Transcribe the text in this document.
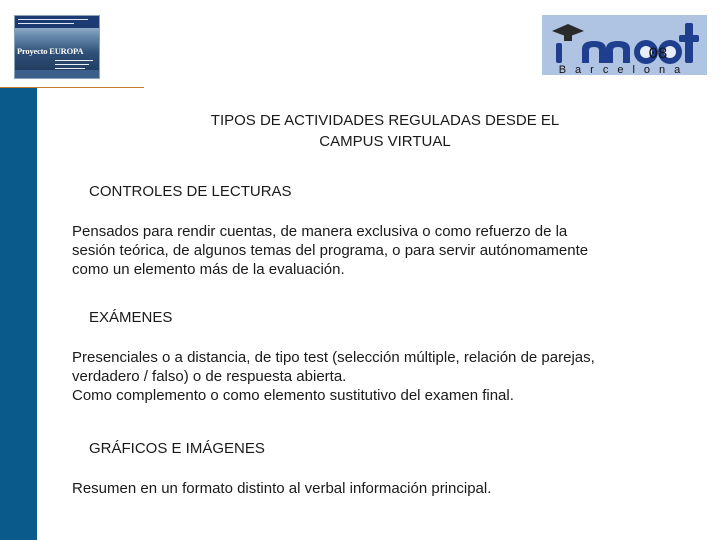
Proyecto EUROPA	08
Barcelona
TIPOS DE ACTIVIDADES REGULADAS DESDE EL
CAMPUS VIRTUAL
CONTROLES DE LECTURAS
Pensados para rendir cuentas, de manera exclusiva o como refuerzo de la
sesión teórica, de algunos temas del programa, o para servir autónomamente
como un elemento más de la evaluación.
EXÁMENES
Presenciales o a distancia, de tipo test (selección múltiple, relación de parejas,
verdadero / falso) o de respuesta abierta.
Como complemento o como elemento sustitutivo del examen final.
GRÁFICOS E IMÁGENES
Resumen en un formato distinto al verbal información principal.
